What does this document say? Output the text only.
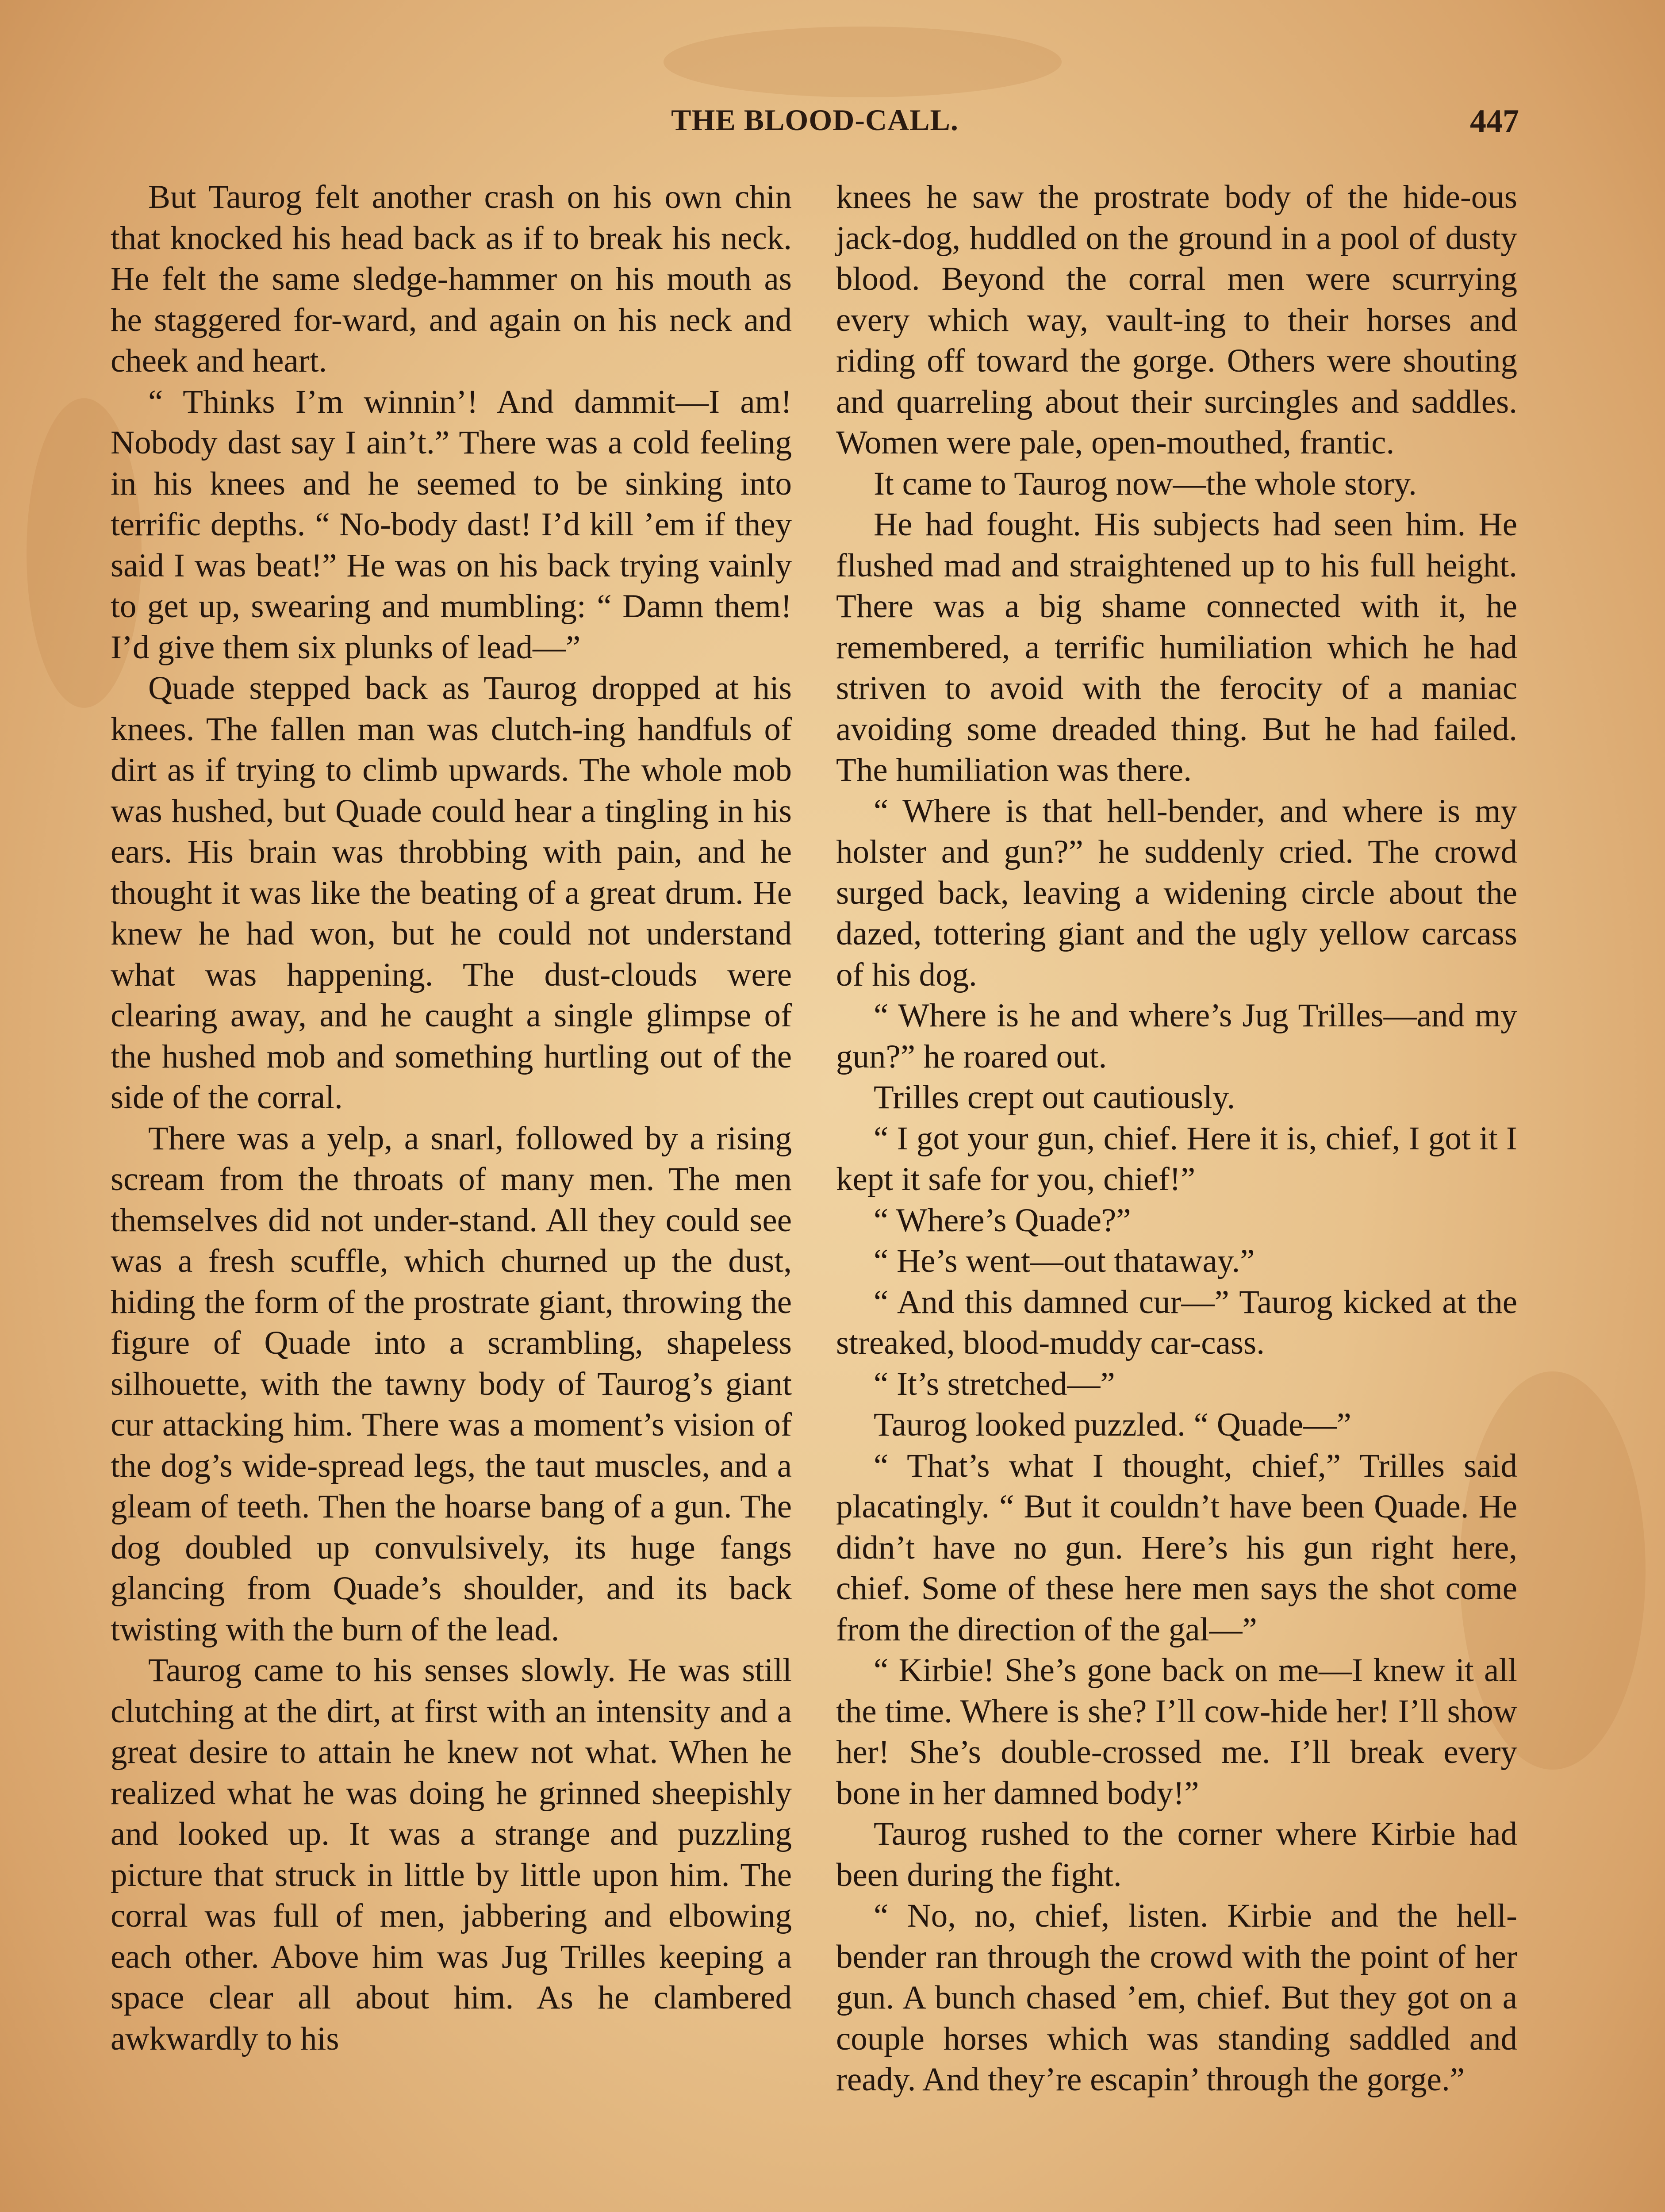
THE BLOOD-CALL.	447

But Taurog felt another crash on his own chin that knocked his head back as if to break his neck. He felt the same sledge-hammer on his mouth as he staggered for-ward, and again on his neck and cheek and heart.

“ Thinks I’m winnin’! And dammit—I am! Nobody dast say I ain’t.” There was a cold feeling in his knees and he seemed to be sinking into terrific depths. “ No-body dast! I’d kill ’em if they said I was beat!” He was on his back trying vainly to get up, swearing and mumbling: “ Damn them! I’d give them six plunks of lead—”

Quade stepped back as Taurog dropped at his knees. The fallen man was clutch-ing handfuls of dirt as if trying to climb upwards. The whole mob was hushed, but Quade could hear a tingling in his ears. His brain was throbbing with pain, and he thought it was like the beating of a great drum. He knew he had won, but he could not understand what was happening. The dust-clouds were clearing away, and he caught a single glimpse of the hushed mob and something hurtling out of the side of the corral.

There was a yelp, a snarl, followed by a rising scream from the throats of many men. The men themselves did not under-stand. All they could see was a fresh scuffle, which churned up the dust, hiding the form of the prostrate giant, throwing the figure of Quade into a scrambling, shapeless silhouette, with the tawny body of Taurog’s giant cur attacking him. There was a moment’s vision of the dog’s wide-spread legs, the taut muscles, and a gleam of teeth. Then the hoarse bang of a gun. The dog doubled up convulsively, its huge fangs glancing from Quade’s shoulder, and its back twisting with the burn of the lead.

Taurog came to his senses slowly. He was still clutching at the dirt, at first with an intensity and a great desire to attain he knew not what. When he realized what he was doing he grinned sheepishly and looked up. It was a strange and puzzling picture that struck in little by little upon him. The corral was full of men, jabbering and elbowing each other. Above him was Jug Trilles keeping a space clear all about him. As he clambered awkwardly to his

knees he saw the prostrate body of the hide-ous jack-dog, huddled on the ground in a pool of dusty blood. Beyond the corral men were scurrying every which way, vault-ing to their horses and riding off toward the gorge. Others were shouting and quarreling about their surcingles and saddles. Women were pale, open-mouthed, frantic.

It came to Taurog now—the whole story.

He had fought. His subjects had seen him. He flushed mad and straightened up to his full height. There was a big shame connected with it, he remembered, a terrific humiliation which he had striven to avoid with the ferocity of a maniac avoiding some dreaded thing. But he had failed. The humiliation was there.

“ Where is that hell-bender, and where is my holster and gun?” he suddenly cried. The crowd surged back, leaving a widening circle about the dazed, tottering giant and the ugly yellow carcass of his dog.

“ Where is he and where’s Jug Trilles—and my gun?” he roared out.

Trilles crept out cautiously.

“ I got your gun, chief. Here it is, chief, I got it I kept it safe for you, chief!”

“ Where’s Quade?”

“ He’s went—out thataway.”

“ And this damned cur—” Taurog kicked at the streaked, blood-muddy car-cass.

“ It’s stretched—”

Taurog looked puzzled. “ Quade—”

“ That’s what I thought, chief,” Trilles said placatingly. “ But it couldn’t have been Quade. He didn’t have no gun. Here’s his gun right here, chief. Some of these here men says the shot come from the direction of the gal—”

“ Kirbie! She’s gone back on me—I knew it all the time. Where is she? I’ll cow-hide her! I’ll show her! She’s double-crossed me. I’ll break every bone in her damned body!”

Taurog rushed to the corner where Kirbie had been during the fight.

“ No, no, chief, listen. Kirbie and the hell-bender ran through the crowd with the point of her gun. A bunch chased ’em, chief. But they got on a couple horses which was standing saddled and ready. And they’re escapin’ through the gorge.”
